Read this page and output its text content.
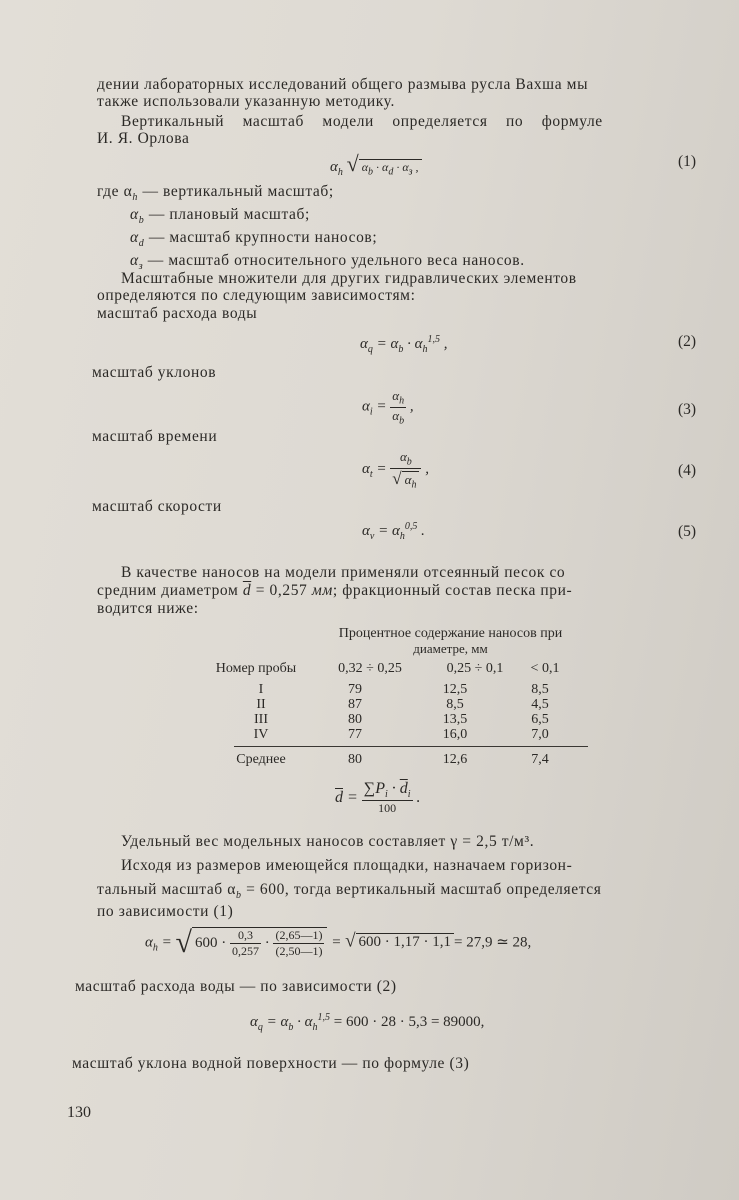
дении лабораторных исследований общего размыва русла Вахша мы
также использовали указанную методику.
Вертикальный масштаб модели определяется по формуле
И. Я. Орлова
$\alpha_h$ √ $\alpha_b \cdot \alpha_d \cdot \alpha_з$ ,	(1)
где $\alpha_h$ — вертикальный масштаб;
$\alpha_b$ — плановый масштаб;
$\alpha_d$ — масштаб крупности наносов;
$\alpha_з$ — масштаб относительного удельного веса наносов.
Масштабные множители для других гидравлических элементов
определяются по следующим зависимостям:
масштаб расхода воды
$\alpha_q = \alpha_b \cdot \alpha_h^{1,5}$ ,	(2)
масштаб уклонов
$\alpha_i = \frac{\alpha_h}{\alpha_b}$ ,	(3)
масштаб времени
$\alpha_t = \frac{\alpha_b}{√ \alpha_h}$ ,	(4)
масштаб скорости
$\alpha_v = \alpha_h^{0,5}$ .	(5)
В качестве наносов на модели применяли отсеянный песок со
средним диаметром $\overline{d} = 0,257$ мм; фракционный состав песка при-
водится ниже:
Процентное содержание наносов при
диаметре, мм
Номер пробы	0,32 ÷ 0,25	0,25 ÷ 0,1	< 0,1
I	79	12,5	8,5
II	87	8,5	4,5
III	80	13,5	6,5
IV	77	16,0	7,0
Среднее	80	12,6	7,4
$\overline{d} = \frac{\sum P_i \cdot \overline{d}_i}{100}$ .
Удельный вес модельных наносов составляет γ = 2,5 т/м³.
Исходя из размеров имеющейся площадки, назначаем горизон-
тальный масштаб $\alpha_b = 600$, тогда вертикальный масштаб определяется
по зависимости (1)
$\alpha_h$ = √ $600 \cdot \frac{0,3}{0,257} \cdot \frac{(2,65—1)}{(2,50—1)}$ = √ 600 · 1,17 · 1,1 = 27,9 ≃ 28,
масштаб расхода воды — по зависимости (2)
$\alpha_q = \alpha_b \cdot \alpha_h^{1,5} = 600 \cdot 28 \cdot 5,3 = 89000$,
масштаб уклона водной поверхности — по формуле (3)
130
